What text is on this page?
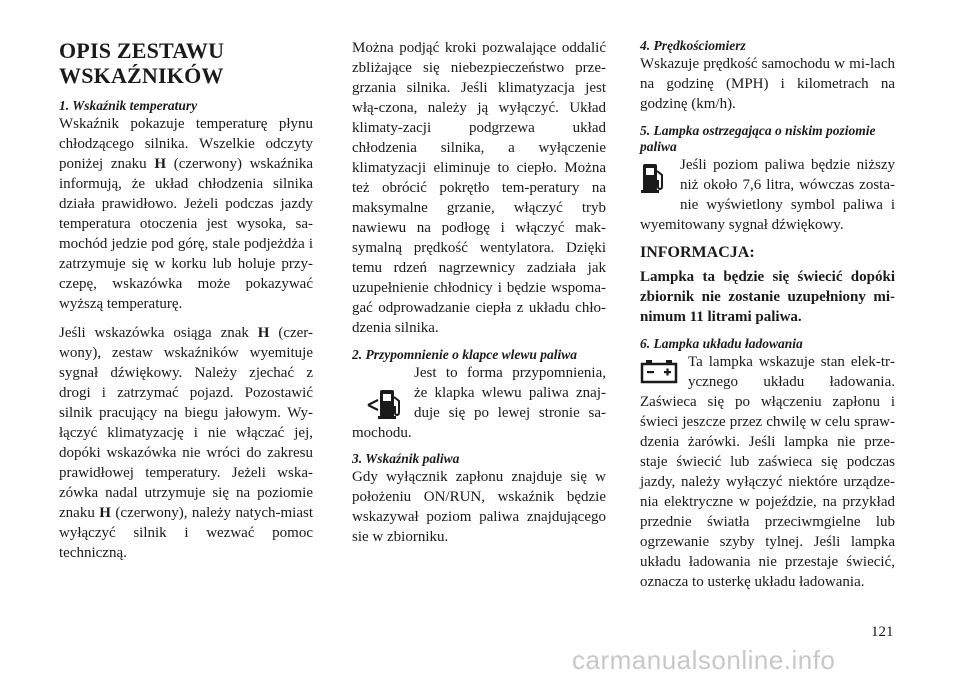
OPIS ZESTAWU WSKAŹNIKÓW
1. Wskaźnik temperatury

Wskaźnik pokazuje temperaturę płynu chłodzącego silnika. Wszelkie odczyty poniżej znaku H (czerwony) wskaźnika informują, że układ chłodzenia silnika działa prawidłowo. Jeżeli podczas jazdy temperatura otoczenia jest wysoka, sa-mochód jedzie pod górę, stale podjeżdża i zatrzymuje się w korku lub holuje przy-czepę, wskazówka może pokazywać wyższą temperaturę.

Jeśli wskazówka osiąga znak H (czer-wony), zestaw wskaźników wyemituje sygnał dźwiękowy. Należy zjechać z drogi i zatrzymać pojazd. Pozostawić silnik pracujący na biegu jałowym. Wy-łączyć klimatyzację i nie włączać jej, dopóki wskazówka nie wróci do zakresu prawidłowej temperatury. Jeżeli wska-zówka nadal utrzymuje się na poziomie znaku H (czerwony), należy natych-miast wyłączyć silnik i wezwać pomoc techniczną.

Można podjąć kroki pozwalające oddalić zbliżające się niebezpieczeństwo prze-grzania silnika. Jeśli klimatyzacja jest włą-czona, należy ją wyłączyć. Układ klimaty-zacji podgrzewa układ chłodzenia silnika, a wyłączenie klimatyzacji eliminuje to ciepło. Można też obrócić pokrętło tem-peratury na maksymalne grzanie, włączyć tryb nawiewu na podłogę i włączyć mak-symalną prędkość wentylatora. Dzięki temu rdzeń nagrzewnicy zadziała jak uzupełnienie chłodnicy i będzie wspoma-gać odprowadzanie ciepła z układu chło-dzenia silnika.

2. Przypomnienie o klapce wlewu paliwa

Jest to forma przypomnienia, że klapka wlewu paliwa znaj-duje się po lewej stronie sa-mochodu.

3. Wskaźnik paliwa

Gdy wyłącznik zapłonu znajduje się w położeniu ON/RUN, wskaźnik będzie wskazywał poziom paliwa znajdującego sie w zbiorniku.

4. Prędkościomierz

Wskazuje prędkość samochodu w mi-lach na godzinę (MPH) i kilometrach na godzinę (km/h).

5. Lampka ostrzegająca o niskim poziomie paliwa

Jeśli poziom paliwa będzie niższy niż około 7,6 litra, wówczas zosta-nie wyświetlony symbol paliwa i wyemitowany sygnał dźwiękowy.

INFORMACJA:

Lampka ta będzie się świecić dopóki zbiornik nie zostanie uzupełniony mi-nimum 11 litrami paliwa.

6. Lampka układu ładowania

Ta lampka wskazuje stan elek-trycznego układu ładowania. Zaświeca się po włączeniu zapłonu i świeci jeszcze przez chwilę w celu spraw-dzenia żarówki. Jeśli lampka nie prze-staje świecić lub zaświeca się podczas jazdy, należy wyłączyć niektóre urządze-nia elektryczne w pojeździe, na przykład przednie światła przeciwmgielne lub ogrzewanie szyby tylnej. Jeśli lampka układu ładowania nie przestaje świecić, oznacza to usterkę układu ładowania.

121
carmanualsonline.info
